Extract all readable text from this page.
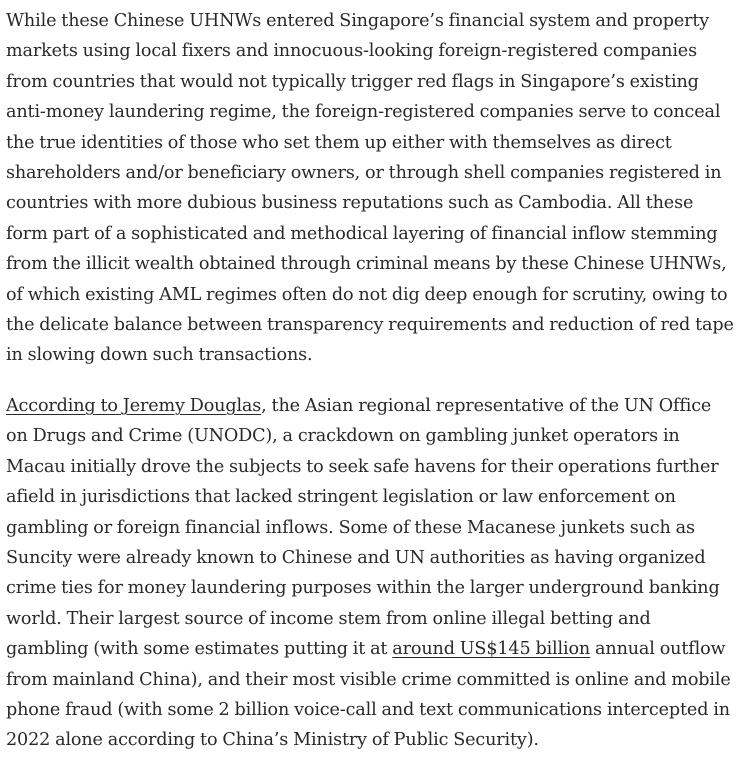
While these Chinese UHNWs entered Singapore’s financial system and property markets using local fixers and innocuous-looking foreign-registered companies from countries that would not typically trigger red flags in Singapore’s existing anti-money laundering regime, the foreign-registered companies serve to conceal the true identities of those who set them up either with themselves as direct shareholders and/or beneficiary owners, or through shell companies registered in countries with more dubious business reputations such as Cambodia. All these form part of a sophisticated and methodical layering of financial inflow stemming from the illicit wealth obtained through criminal means by these Chinese UHNWs, of which existing AML regimes often do not dig deep enough for scrutiny, owing to the delicate balance between transparency requirements and reduction of red tape in slowing down such transactions.

According to Jeremy Douglas, the Asian regional representative of the UN Office on Drugs and Crime (UNODC), a crackdown on gambling junket operators in Macau initially drove the subjects to seek safe havens for their operations further afield in jurisdictions that lacked stringent legislation or law enforcement on gambling or foreign financial inflows. Some of these Macanese junkets such as Suncity were already known to Chinese and UN authorities as having organized crime ties for money laundering purposes within the larger underground banking world. Their largest source of income stem from online illegal betting and gambling (with some estimates putting it at around US$145 billion annual outflow from mainland China), and their most visible crime committed is online and mobile phone fraud (with some 2 billion voice-call and text communications intercepted in 2022 alone according to China’s Ministry of Public Security).
